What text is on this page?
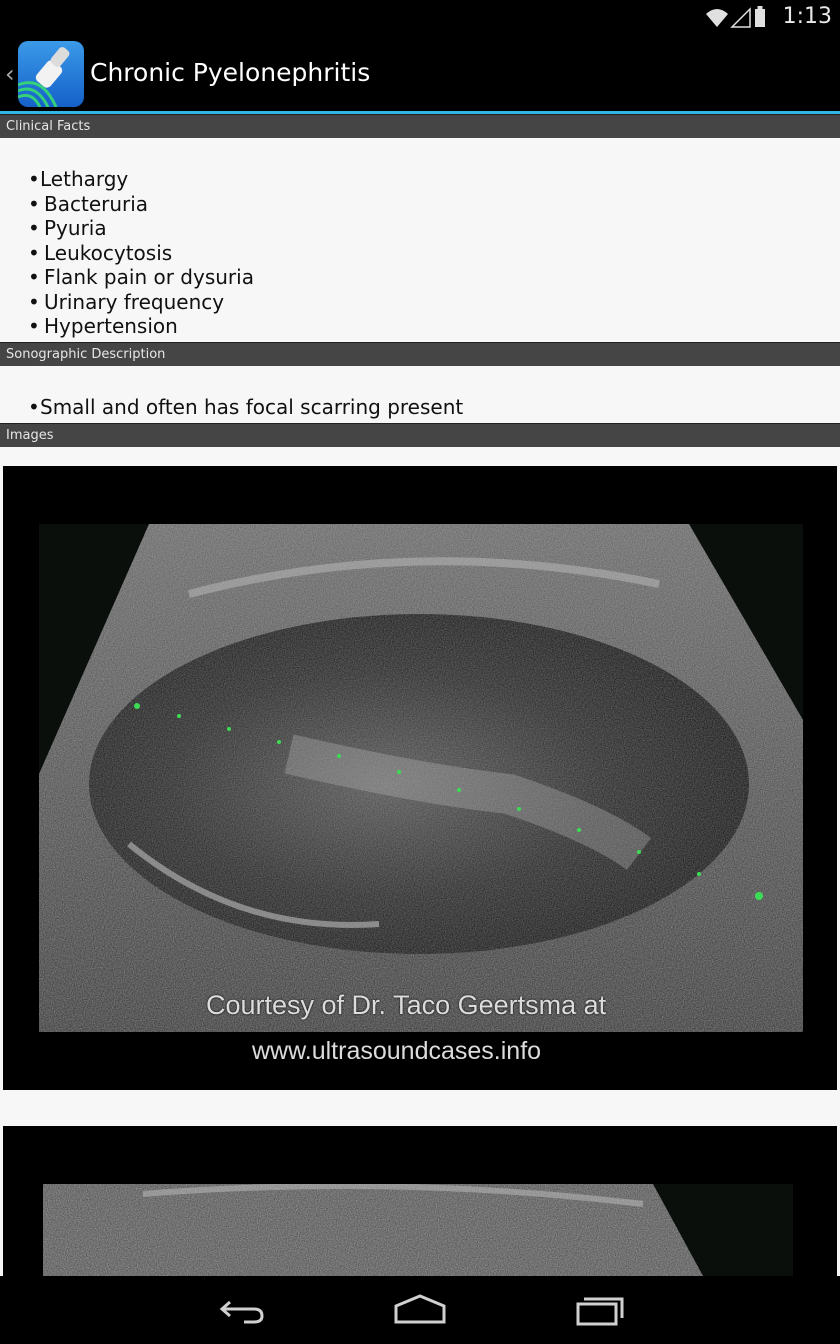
1:13
‹	Chronic Pyelonephritis
Clinical Facts
• Lethargy
• Bacteruria
• Pyuria
• Leukocytosis
• Flank pain or dysuria
• Urinary frequency
• Hypertension
Sonographic Description
• Small and often has focal scarring present
Images
Courtesy of Dr. Taco Geertsma at
www.ultrasoundcases.info
